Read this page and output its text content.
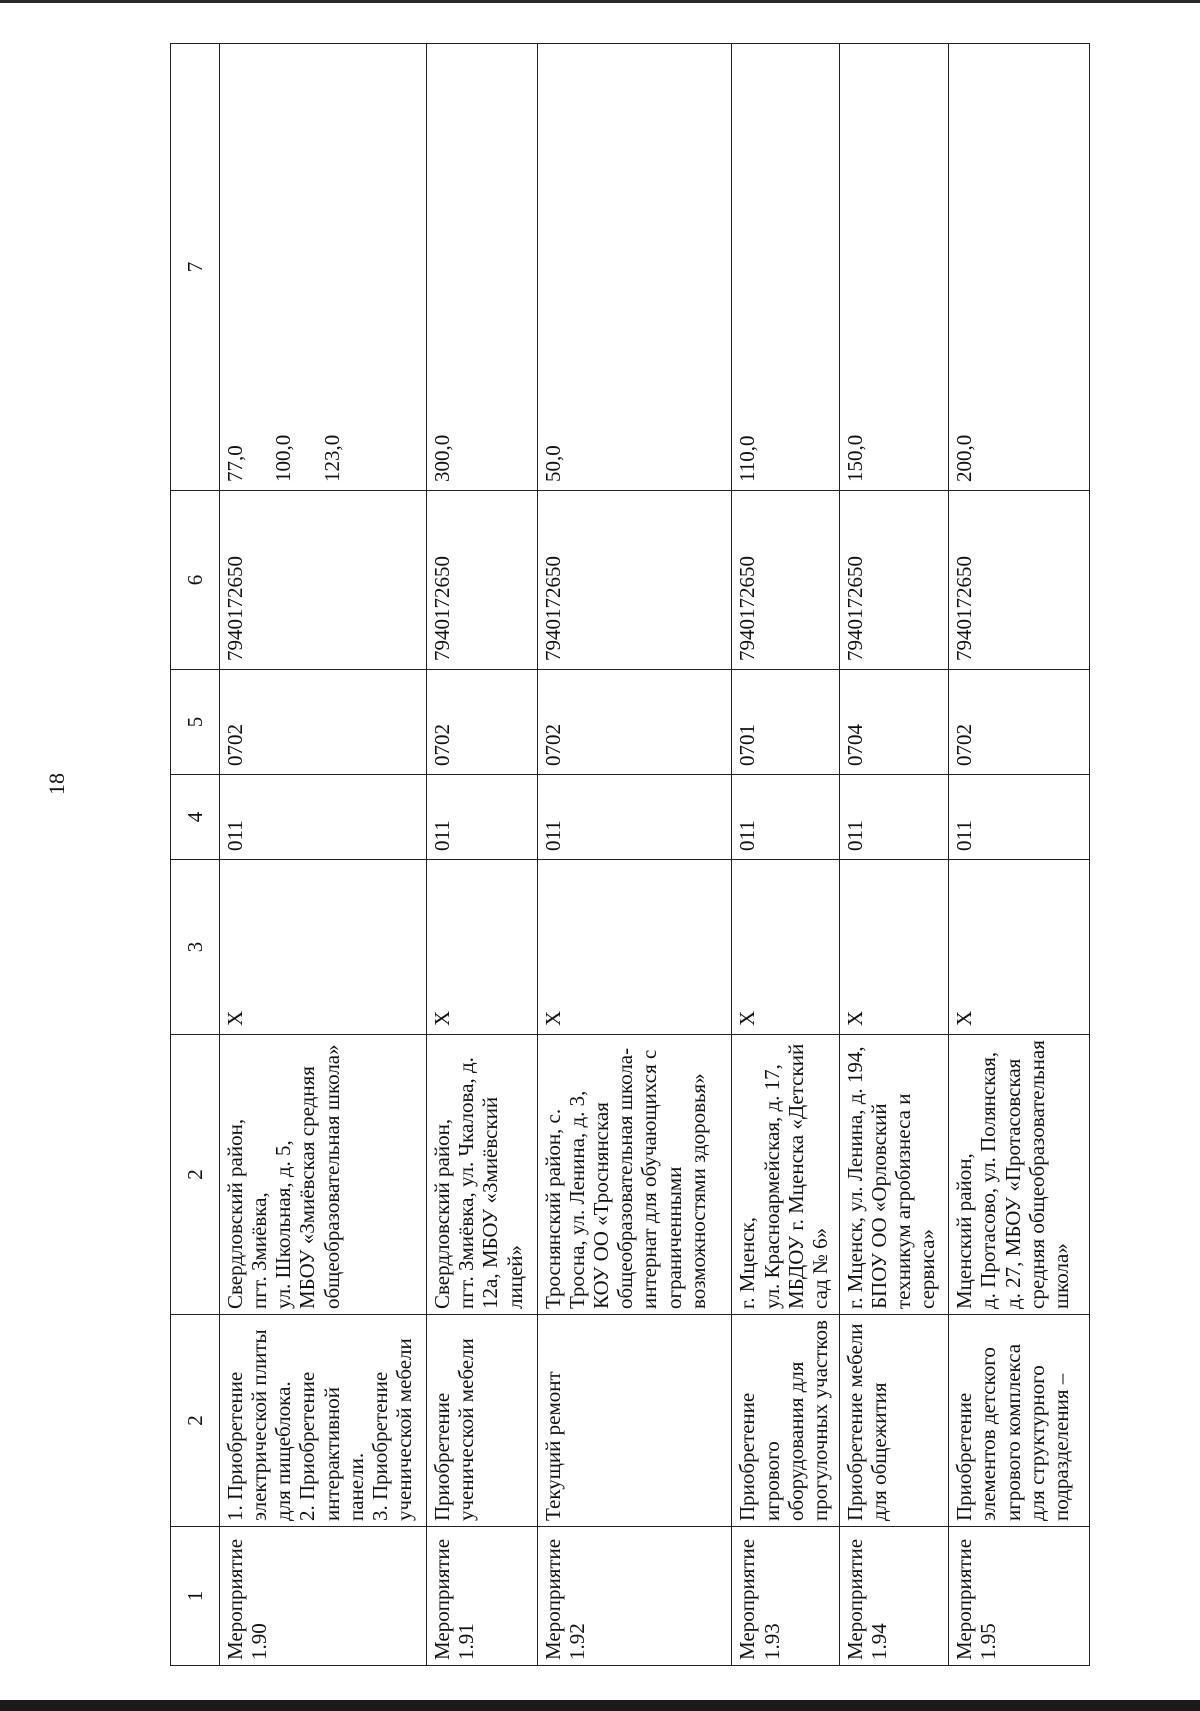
18
1	2	2	3	4	5	6	7
Мероприятие
1.90	1. Приобретение электрической плиты для пищеблока.
2. Приобретение интерактивной панели.
3. Приобретение ученической мебели	Свердловский район,
пгт. Змиёвка,
ул. Школьная, д. 5,
МБОУ «Змиёвская средняя общеобразовательная школа»	X	011	0702	7940172650	77,0

100,0

123,0
Мероприятие
1.91	Приобретение ученической мебели	Свердловский район,
пгт. Змиёвка, ул. Чкалова, д. 12а, МБОУ «Змиёвский лицей»	X	011	0702	7940172650	300,0
Мероприятие
1.92	Текущий ремонт	Троснянский район, с. Тросна, ул. Ленина, д. 3,
КОУ ОО «Троснянская общеобразовательная школа-интернат для обучающихся с ограниченными возможностями здоровья»	X	011	0702	7940172650	50,0
Мероприятие
1.93	Приобретение игрового оборудования для прогулочных участков	г. Мценск,
ул. Красноармейская, д. 17, МБДОУ г. Мценска «Детский сад № 6»	X	011	0701	7940172650	110,0
Мероприятие
1.94	Приобретение мебели для общежития	г. Мценск, ул. Ленина, д. 194, БПОУ ОО «Орловский техникум агробизнеса и сервиса»	X	011	0704	7940172650	150,0
Мероприятие
1.95	Приобретение элементов детского игрового комплекса для структурного подразделения –	Мценский район,
д. Протасово, ул. Полянская, д. 27, МБОУ «Протасовская средняя общеобразовательная школа»	X	011	0702	7940172650	200,0
